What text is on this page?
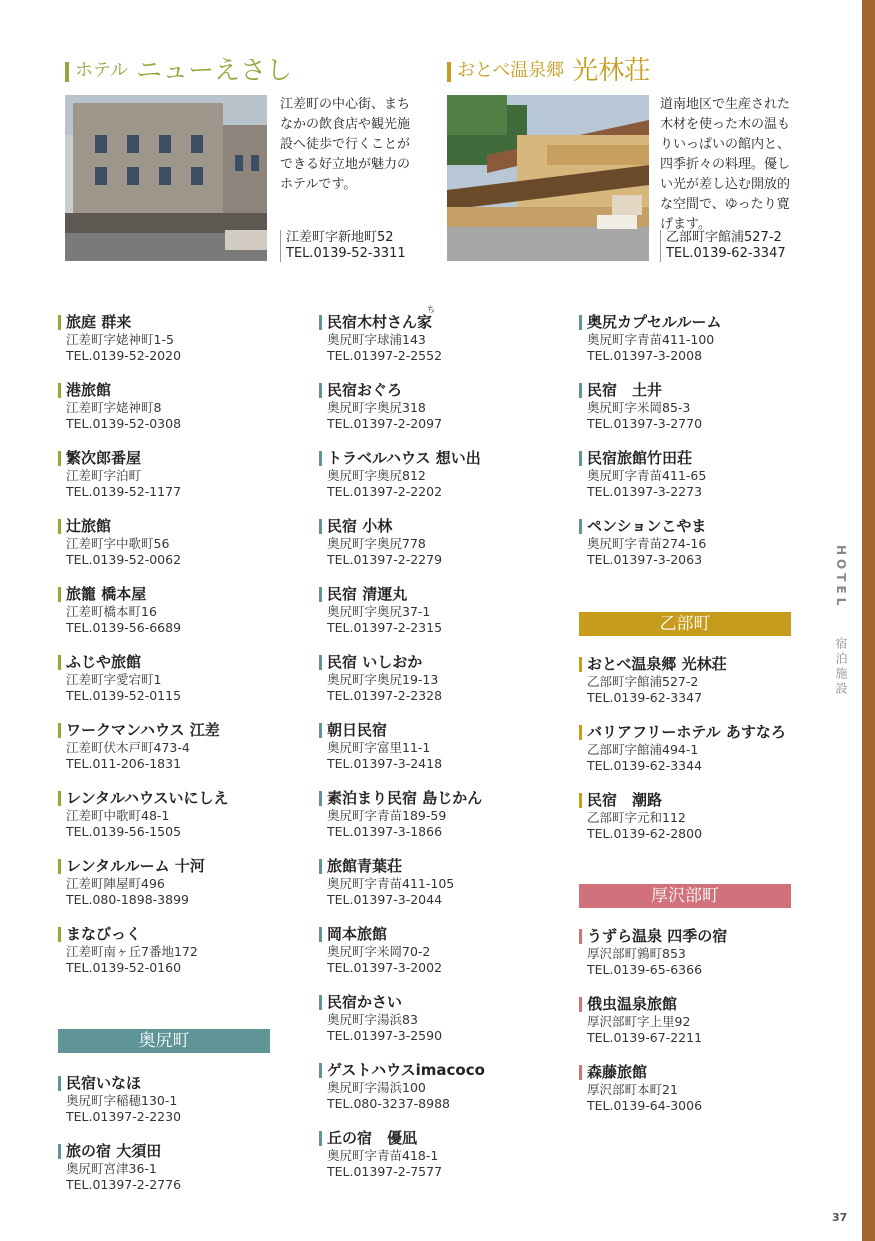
ホテル ニューえさし
江差町の中心街、まちなかの飲食店や観光施設へ徒歩で行くことができる好立地が魅力のホテルです。
江差町字新地町52
TEL.0139-52-3311
おとべ温泉郷 光林荘
道南地区で生産された木材を使った木の温もりいっぱいの館内と、四季折々の料理。優しい光が差し込む開放的な空間で、ゆったり寛げます。
乙部町字館浦527-2
TEL.0139-62-3347
旅庭 群来
江差町字姥神町1-5
TEL.0139-52-2020
港旅館
江差町字姥神町8
TEL.0139-52-0308
繁次郎番屋
江差町字泊町
TEL.0139-52-1177
辻旅館
江差町字中歌町56
TEL.0139-52-0062
旅籠 橋本屋
江差町橋本町16
TEL.0139-56-6689
ふじや旅館
江差町字愛宕町1
TEL.0139-52-0115
ワークマンハウス 江差
江差町伏木戸町473-4
TEL.011-206-1831
レンタルハウスいにしえ
江差町中歌町48-1
TEL.0139-56-1505
レンタルルーム 十河
江差町陣屋町496
TEL.080-1898-3899
まなびっく
江差町南ヶ丘7番地172
TEL.0139-52-0160
奥尻町
民宿いなほ
奥尻町字稲穂130-1
TEL.01397-2-2230
旅の宿 大須田
奥尻町宮津36-1
TEL.01397-2-2776
ち
民宿木村さん家
奥尻町字球浦143
TEL.01397-2-2552
民宿おぐろ
奥尻町字奥尻318
TEL.01397-2-2097
トラベルハウス 想い出
奥尻町字奥尻812
TEL.01397-2-2202
民宿 小林
奥尻町字奥尻778
TEL.01397-2-2279
民宿 清運丸
奥尻町字奥尻37-1
TEL.01397-2-2315
民宿 いしおか
奥尻町字奥尻19-13
TEL.01397-2-2328
朝日民宿
奥尻町字富里11-1
TEL.01397-3-2418
素泊まり民宿 島じかん
奥尻町字青苗189-59
TEL.01397-3-1866
旅館青葉荘
奥尻町字青苗411-105
TEL.01397-3-2044
岡本旅館
奥尻町字米岡70-2
TEL.01397-3-2002
民宿かさい
奥尻町字湯浜83
TEL.01397-3-2590
ゲストハウスimacoco
奥尻町字湯浜100
TEL.080-3237-8988
丘の宿　優凪
奥尻町字青苗418-1
TEL.01397-2-7577
奥尻カプセルルーム
奥尻町字青苗411-100
TEL.01397-3-2008
民宿　土井
奥尻町字米岡85-3
TEL.01397-3-2770
民宿旅館竹田荘
奥尻町字青苗411-65
TEL.01397-3-2273
ペンションこやま
奥尻町字青苗274-16
TEL.01397-3-2063
乙部町
おとべ温泉郷 光林荘
乙部町字館浦527-2
TEL.0139-62-3347
バリアフリーホテル あすなろ
乙部町字館浦494-1
TEL.0139-62-3344
民宿　潮路
乙部町字元和112
TEL.0139-62-2800
厚沢部町
うずら温泉 四季の宿
厚沢部町鶉町853
TEL.0139-65-6366
俄虫温泉旅館
厚沢部町字上里92
TEL.0139-67-2211
森藤旅館
厚沢部町本町21
TEL.0139-64-3006
HOTEL  宿泊施設
37
